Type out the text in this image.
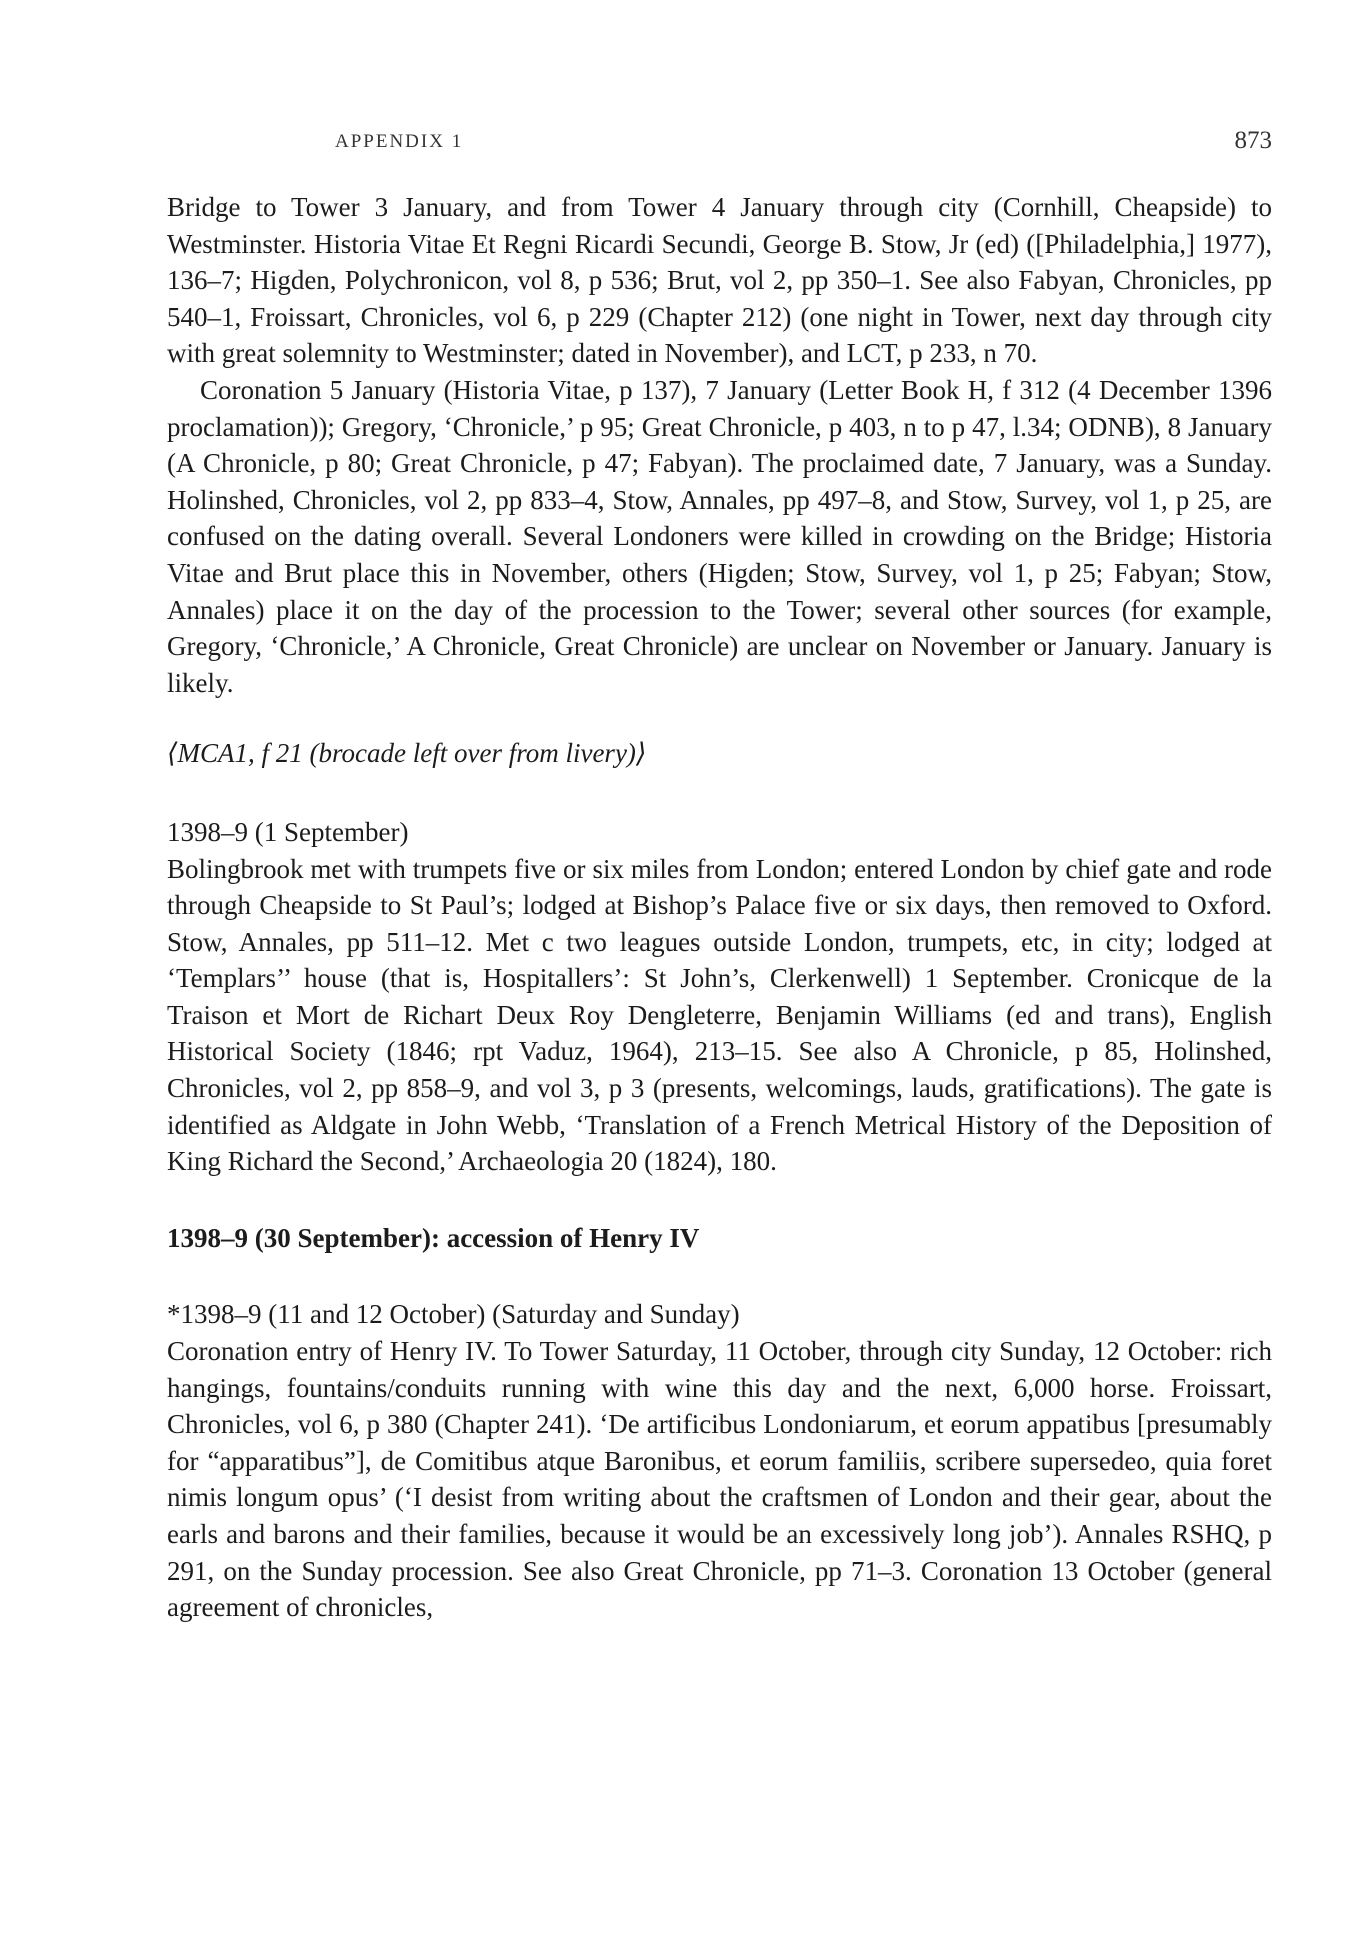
APPENDIX 1	873

Bridge to Tower 3 January, and from Tower 4 January through city (Cornhill, Cheapside) to Westminster. Historia Vitae Et Regni Ricardi Secundi, George B. Stow, Jr (ed) ([Philadelphia,] 1977), 136–7; Higden, Polychronicon, vol 8, p 536; Brut, vol 2, pp 350–1. See also Fabyan, Chronicles, pp 540–1, Froissart, Chronicles, vol 6, p 229 (Chapter 212) (one night in Tower, next day through city with great solemnity to Westminster; dated in November), and LCT, p 233, n 70.

Coronation 5 January (Historia Vitae, p 137), 7 January (Letter Book H, f 312 (4 December 1396 proclamation)); Gregory, ‘Chronicle,’ p 95; Great Chronicle, p 403, n to p 47, l.34; ODNB), 8 January (A Chronicle, p 80; Great Chronicle, p 47; Fabyan). The proclaimed date, 7 January, was a Sunday. Holinshed, Chronicles, vol 2, pp 833–4, Stow, Annales, pp 497–8, and Stow, Survey, vol 1, p 25, are confused on the dating overall. Several Londoners were killed in crowding on the Bridge; Historia Vitae and Brut place this in November, others (Higden; Stow, Survey, vol 1, p 25; Fabyan; Stow, Annales) place it on the day of the procession to the Tower; several other sources (for example, Gregory, ‘Chronicle,’ A Chronicle, Great Chronicle) are unclear on November or January. January is likely.

⟨MCA1, f 21 (brocade left over from livery)⟩

1398–9 (1 September)

Bolingbrook met with trumpets five or six miles from London; entered London by chief gate and rode through Cheapside to St Paul’s; lodged at Bishop’s Palace five or six days, then removed to Oxford. Stow, Annales, pp 511–12. Met c two leagues outside London, trumpets, etc, in city; lodged at ‘Templars’’ house (that is, Hospitallers’: St John’s, Clerkenwell) 1 September. Cronicque de la Traison et Mort de Richart Deux Roy Dengleterre, Benjamin Williams (ed and trans), English Historical Society (1846; rpt Vaduz, 1964), 213–15. See also A Chronicle, p 85, Holinshed, Chronicles, vol 2, pp 858–9, and vol 3, p 3 (presents, welcomings, lauds, gratifications). The gate is identified as Aldgate in John Webb, ‘Translation of a French Metrical History of the Deposition of King Richard the Second,’ Archaeologia 20 (1824), 180.

1398–9 (30 September): accession of Henry IV

*1398–9 (11 and 12 October) (Saturday and Sunday)

Coronation entry of Henry IV. To Tower Saturday, 11 October, through city Sunday, 12 October: rich hangings, fountains/conduits running with wine this day and the next, 6,000 horse. Froissart, Chronicles, vol 6, p 380 (Chapter 241). ‘De artificibus Londoniarum, et eorum appatibus [presumably for “apparatibus”], de Comitibus atque Baronibus, et eorum familiis, scribere supersedeo, quia foret nimis longum opus’ (‘I desist from writing about the craftsmen of London and their gear, about the earls and barons and their families, because it would be an excessively long job’). Annales RSHQ, p 291, on the Sunday procession. See also Great Chronicle, pp 71–3. Coronation 13 October (general agreement of chronicles,
